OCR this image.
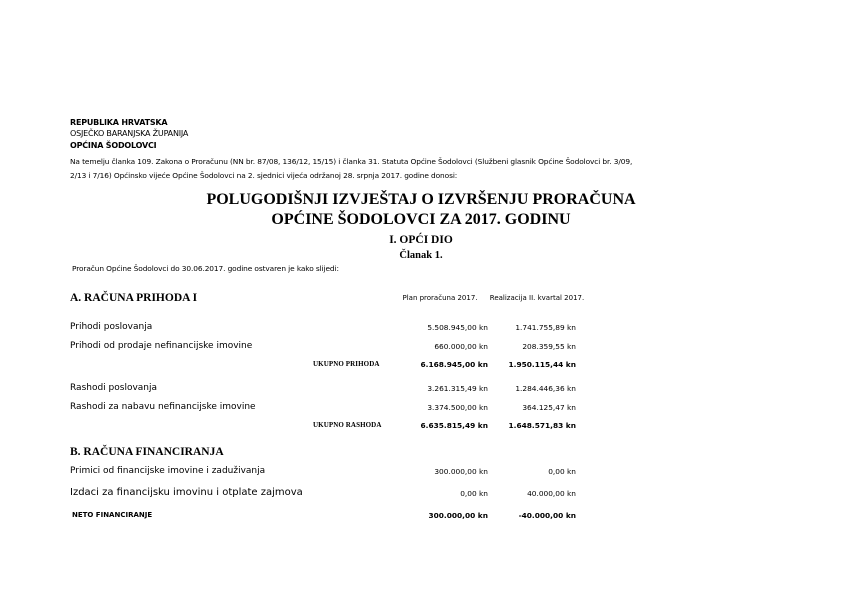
REPUBLIKA HRVATSKA
OSJEČKO BARANJSKA ŽUPANIJA
OPĆINA ŠODOLOVCI
Na temelju članka 109. Zakona o Proračunu (NN br. 87/08, 136/12, 15/15) i članka 31. Statuta Općine Šodolovci (Službeni glasnik Općine Šodolovci br. 3/09,
2/13 i 7/16) Općinsko vijeće Općine Šodolovci na 2. sjednici vijeća održanoj 28. srpnja 2017. godine donosi:
POLUGODIŠNJI IZVJEŠTAJ O IZVRŠENJU PRORAČUNA
OPĆINE ŠODOLOVCI ZA 2017. GODINU
I. OPĆI DIO
Članak 1.
Proračun Općine Šodolovci do 30.06.2017. godine ostvaren je kako slijedi:
A. RAČUNA PRIHODA I	Plan proračuna 2017.	Realizacija II. kvartal 2017.
Prihodi poslovanja	5.508.945,00 kn	1.741.755,89 kn
Prihodi od prodaje nefinancijske imovine	660.000,00 kn	208.359,55 kn
UKUPNO PRIHODA	6.168.945,00 kn	1.950.115,44 kn
Rashodi poslovanja	3.261.315,49 kn	1.284.446,36 kn
Rashodi za nabavu nefinancijske imovine	3.374.500,00 kn	364.125,47 kn
UKUPNO RASHODA	6.635.815,49 kn	1.648.571,83 kn
B. RAČUNA FINANCIRANJA
Primici od financijske imovine i zaduživanja	300.000,00 kn	0,00 kn
Izdaci za financijsku imovinu i otplate zajmova	0,00 kn	40.000,00 kn
NETO FINANCIRANJE	300.000,00 kn	-40.000,00 kn
